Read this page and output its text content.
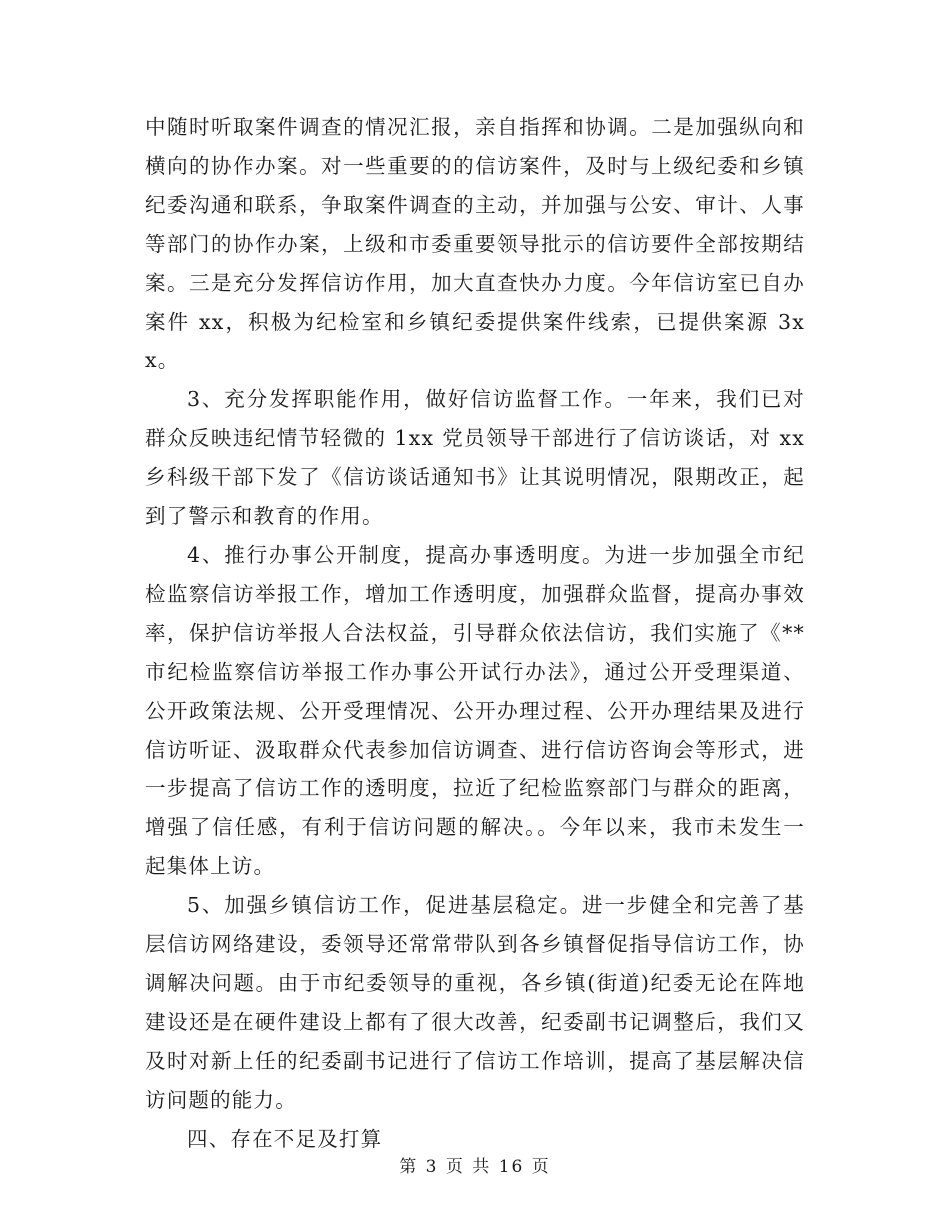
中随时听取案件调查的情况汇报，亲自指挥和协调。二是加强纵向和横向的协作办案。对一些重要的的信访案件，及时与上级纪委和乡镇纪委沟通和联系，争取案件调查的主动，并加强与公安、审计、人事等部门的协作办案，上级和市委重要领导批示的信访要件全部按期结案。三是充分发挥信访作用，加大直查快办力度。今年信访室已自办案件 xx，积极为纪检室和乡镇纪委提供案件线索，已提供案源 3xx。

3、充分发挥职能作用，做好信访监督工作。一年来，我们已对群众反映违纪情节轻微的 1xx 党员领导干部进行了信访谈话，对 xx 乡科级干部下发了《信访谈话通知书》让其说明情况，限期改正，起到了警示和教育的作用。

4、推行办事公开制度，提高办事透明度。为进一步加强全市纪检监察信访举报工作，增加工作透明度，加强群众监督，提高办事效率，保护信访举报人合法权益，引导群众依法信访，我们实施了《**市纪检监察信访举报工作办事公开试行办法》，通过公开受理渠道、公开政策法规、公开受理情况、公开办理过程、公开办理结果及进行信访听证、汲取群众代表参加信访调查、进行信访咨询会等形式，进一步提高了信访工作的透明度，拉近了纪检监察部门与群众的距离，增强了信任感，有利于信访问题的解决。。今年以来，我市未发生一起集体上访。

5、加强乡镇信访工作，促进基层稳定。进一步健全和完善了基层信访网络建设，委领导还常常带队到各乡镇督促指导信访工作，协调解决问题。由于市纪委领导的重视，各乡镇(街道)纪委无论在阵地建设还是在硬件建设上都有了很大改善，纪委副书记调整后，我们又及时对新上任的纪委副书记进行了信访工作培训，提高了基层解决信访问题的能力。

四、存在不足及打算

第 3 页 共 16 页
